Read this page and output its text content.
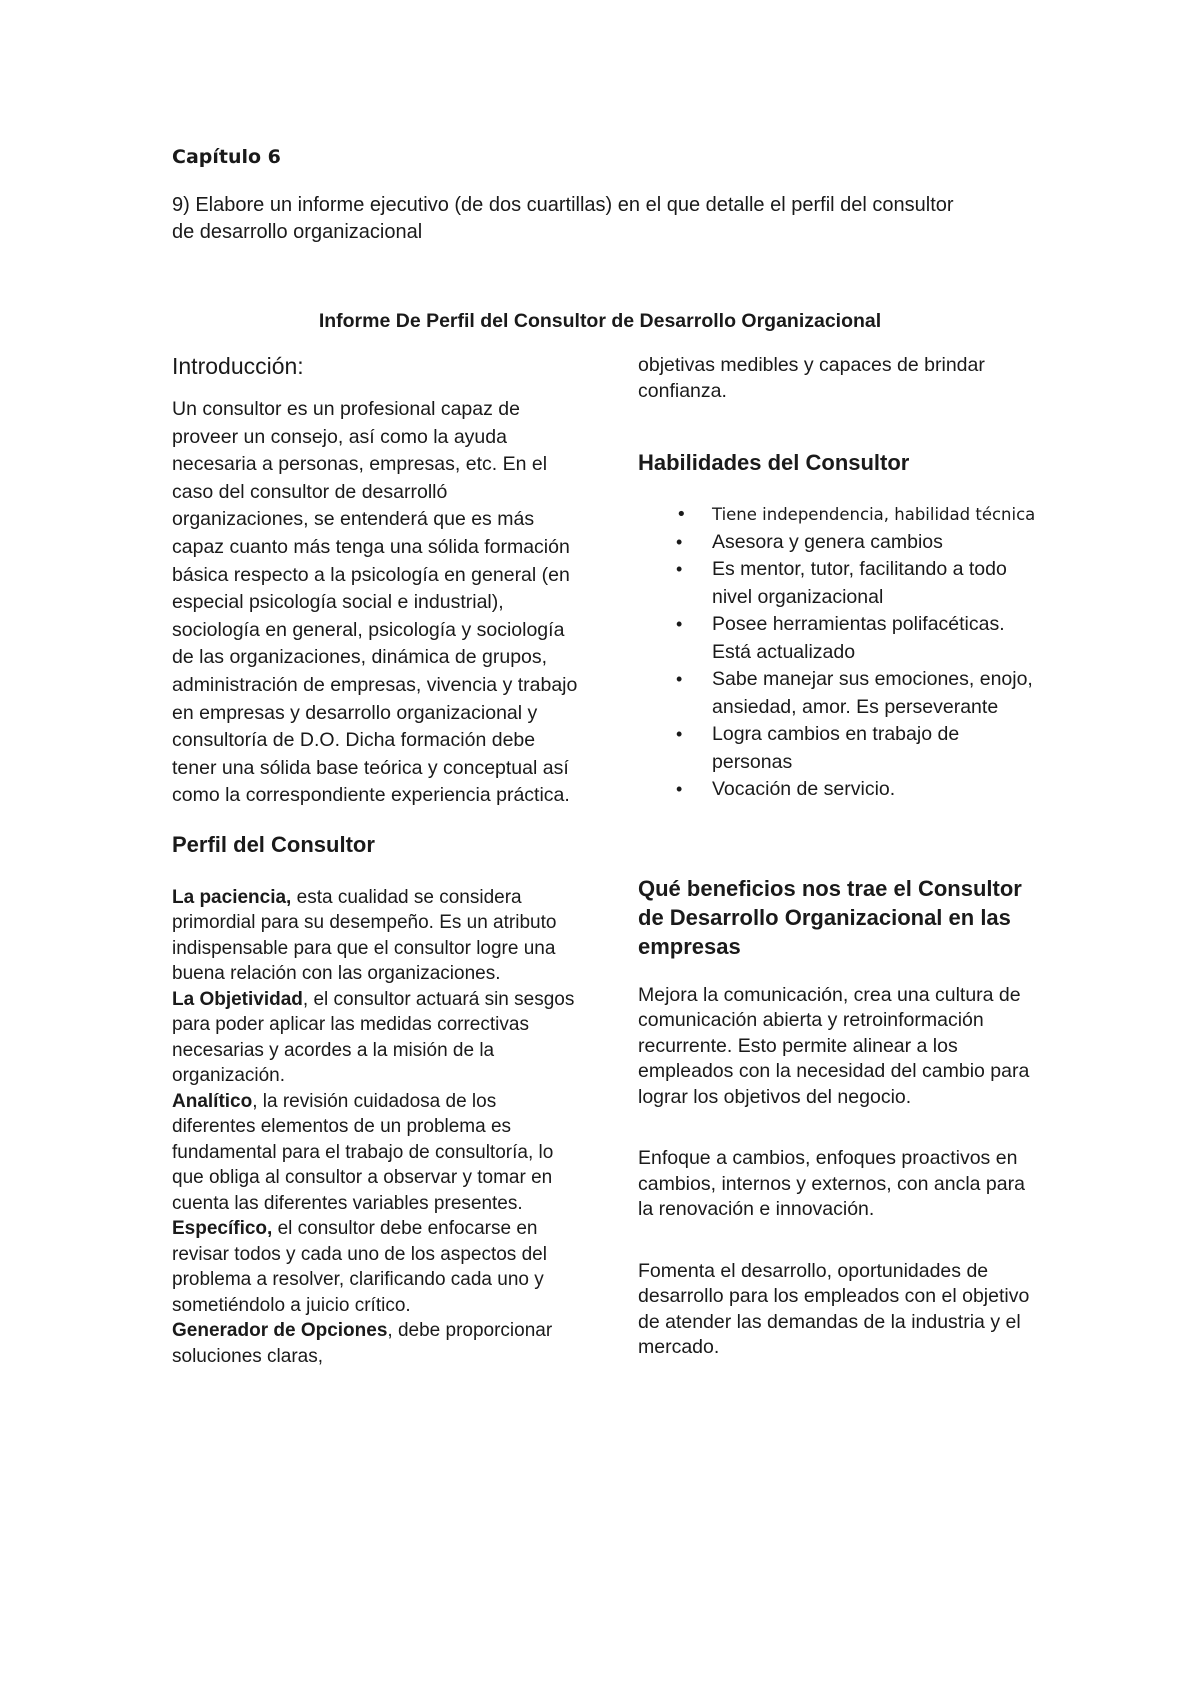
Capítulo 6

9) Elabore un informe ejecutivo (de dos cuartillas) en el que detalle el perfil del consultor de desarrollo organizacional

Informe De Perfil del Consultor de Desarrollo Organizacional
Introducción:

Un consultor es un profesional capaz de proveer un consejo, así como la ayuda necesaria a personas, empresas, etc. En el caso del consultor de desarrolló organizaciones, se entenderá que es más capaz cuanto más tenga una sólida formación básica respecto a la psicología en general (en especial psicología social e industrial), sociología en general, psicología y sociología de las organizaciones, dinámica de grupos, administración de empresas, vivencia y trabajo en empresas y desarrollo organizacional y consultoría de D.O. Dicha formación debe tener una sólida base teórica y conceptual así como la correspondiente experiencia práctica.

Perfil del Consultor

La paciencia, esta cualidad se considera primordial para su desempeño. Es un atributo indispensable para que el consultor logre una buena relación con las organizaciones.

La Objetividad, el consultor actuará sin sesgos para poder aplicar las medidas correctivas necesarias y acordes a la misión de la organización.

Analítico, la revisión cuidadosa de los diferentes elementos de un problema es fundamental para el trabajo de consultoría, lo que obliga al consultor a observar y tomar en cuenta las diferentes variables presentes.

Específico, el consultor debe enfocarse en revisar todos y cada uno de los aspectos del problema a resolver, clarificando cada uno y sometiéndolo a juicio crítico.

Generador de Opciones, debe proporcionar soluciones claras,

objetivas medibles y capaces de brindar confianza.

Habilidades del Consultor
• Tiene independencia, habilidad técnica
• Asesora y genera cambios
• Es mentor, tutor, facilitando a todo nivel organizacional
• Posee herramientas polifacéticas. Está actualizado
• Sabe manejar sus emociones, enojo, ansiedad, amor. Es perseverante
• Logra cambios en trabajo de personas
• Vocación de servicio.
Qué beneficios nos trae el Consultor de Desarrollo Organizacional en las empresas

Mejora la comunicación, crea una cultura de comunicación abierta y retroinformación recurrente. Esto permite alinear a los empleados con la necesidad del cambio para lograr los objetivos del negocio.

Enfoque a cambios, enfoques proactivos en cambios, internos y externos, con ancla para la renovación e innovación.

Fomenta el desarrollo, oportunidades de desarrollo para los empleados con el objetivo de atender las demandas de la industria y el mercado.
